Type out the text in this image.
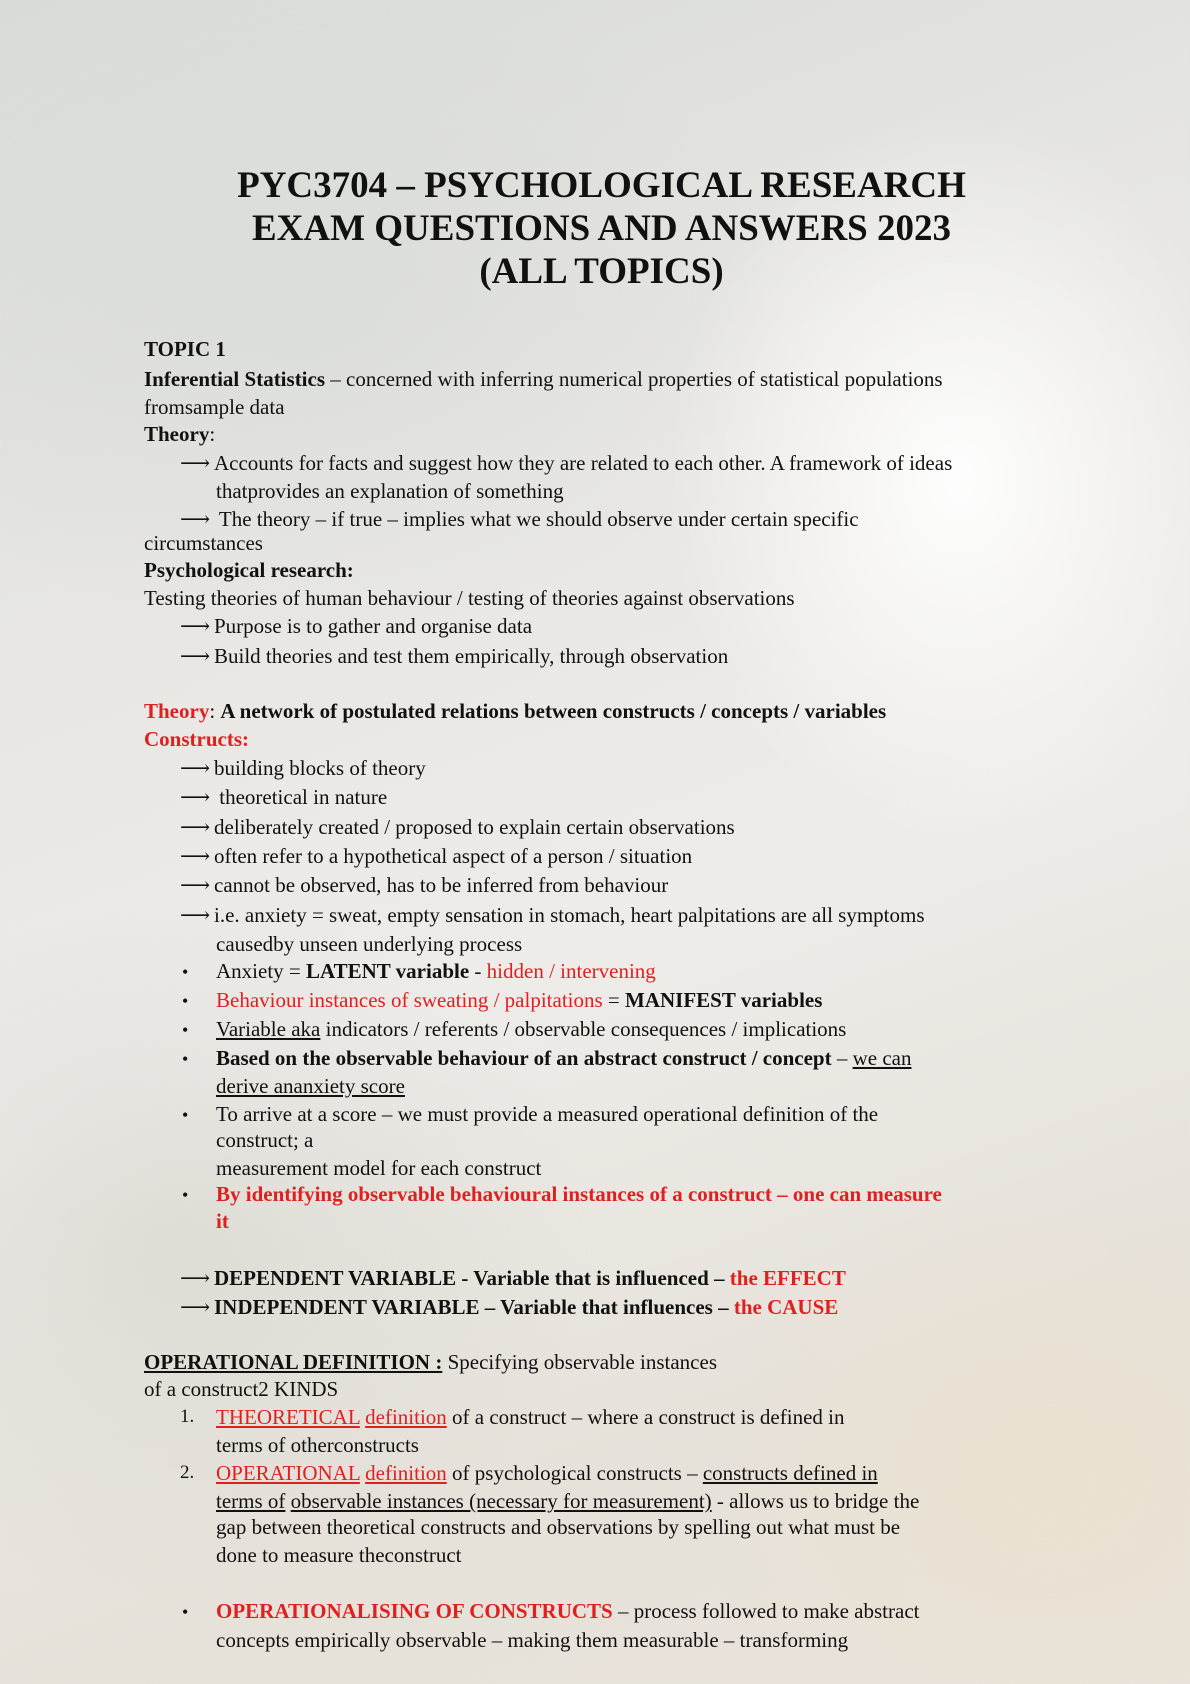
PYC3704 – PSYCHOLOGICAL RESEARCH
EXAM QUESTIONS AND ANSWERS 2023
(ALL TOPICS)
TOPIC 1
Inferential Statistics – concerned with inferring numerical properties of statistical populations
fromsample data
Theory:
⟶ Accounts for facts and suggest how they are related to each other. A framework of ideas
thatprovides an explanation of something
⟶ The theory – if true – implies what we should observe under certain specific
circumstances
Psychological research:
Testing theories of human behaviour / testing of theories against observations
⟶ Purpose is to gather and organise data
⟶ Build theories and test them empirically, through observation
Theory: A network of postulated relations between constructs / concepts / variables
Constructs:
⟶ building blocks of theory
⟶ theoretical in nature
⟶ deliberately created / proposed to explain certain observations
⟶ often refer to a hypothetical aspect of a person / situation
⟶ cannot be observed, has to be inferred from behaviour
⟶ i.e. anxiety = sweat, empty sensation in stomach, heart palpitations are all symptoms
causedby unseen underlying process
• Anxiety = LATENT variable - hidden / intervening
• Behaviour instances of sweating / palpitations = MANIFEST variables
• Variable aka indicators / referents / observable consequences / implications
• Based on the observable behaviour of an abstract construct / concept – we can
derive ananxiety score
• To arrive at a score – we must provide a measured operational definition of the
construct; a
measurement model for each construct
• By identifying observable behavioural instances of a construct – one can measure
it
⟶ DEPENDENT VARIABLE - Variable that is influenced – the EFFECT
⟶ INDEPENDENT VARIABLE – Variable that influences – the CAUSE
OPERATIONAL DEFINITION : Specifying observable instances
of a construct2 KINDS
1. THEORETICAL definition of a construct – where a construct is defined in
terms of otherconstructs
2. OPERATIONAL definition of psychological constructs – constructs defined in
terms of observable instances (necessary for measurement) - allows us to bridge the
gap between theoretical constructs and observations by spelling out what must be
done to measure theconstruct
• OPERATIONALISING OF CONSTRUCTS – process followed to make abstract
concepts empirically observable – making them measurable – transforming
